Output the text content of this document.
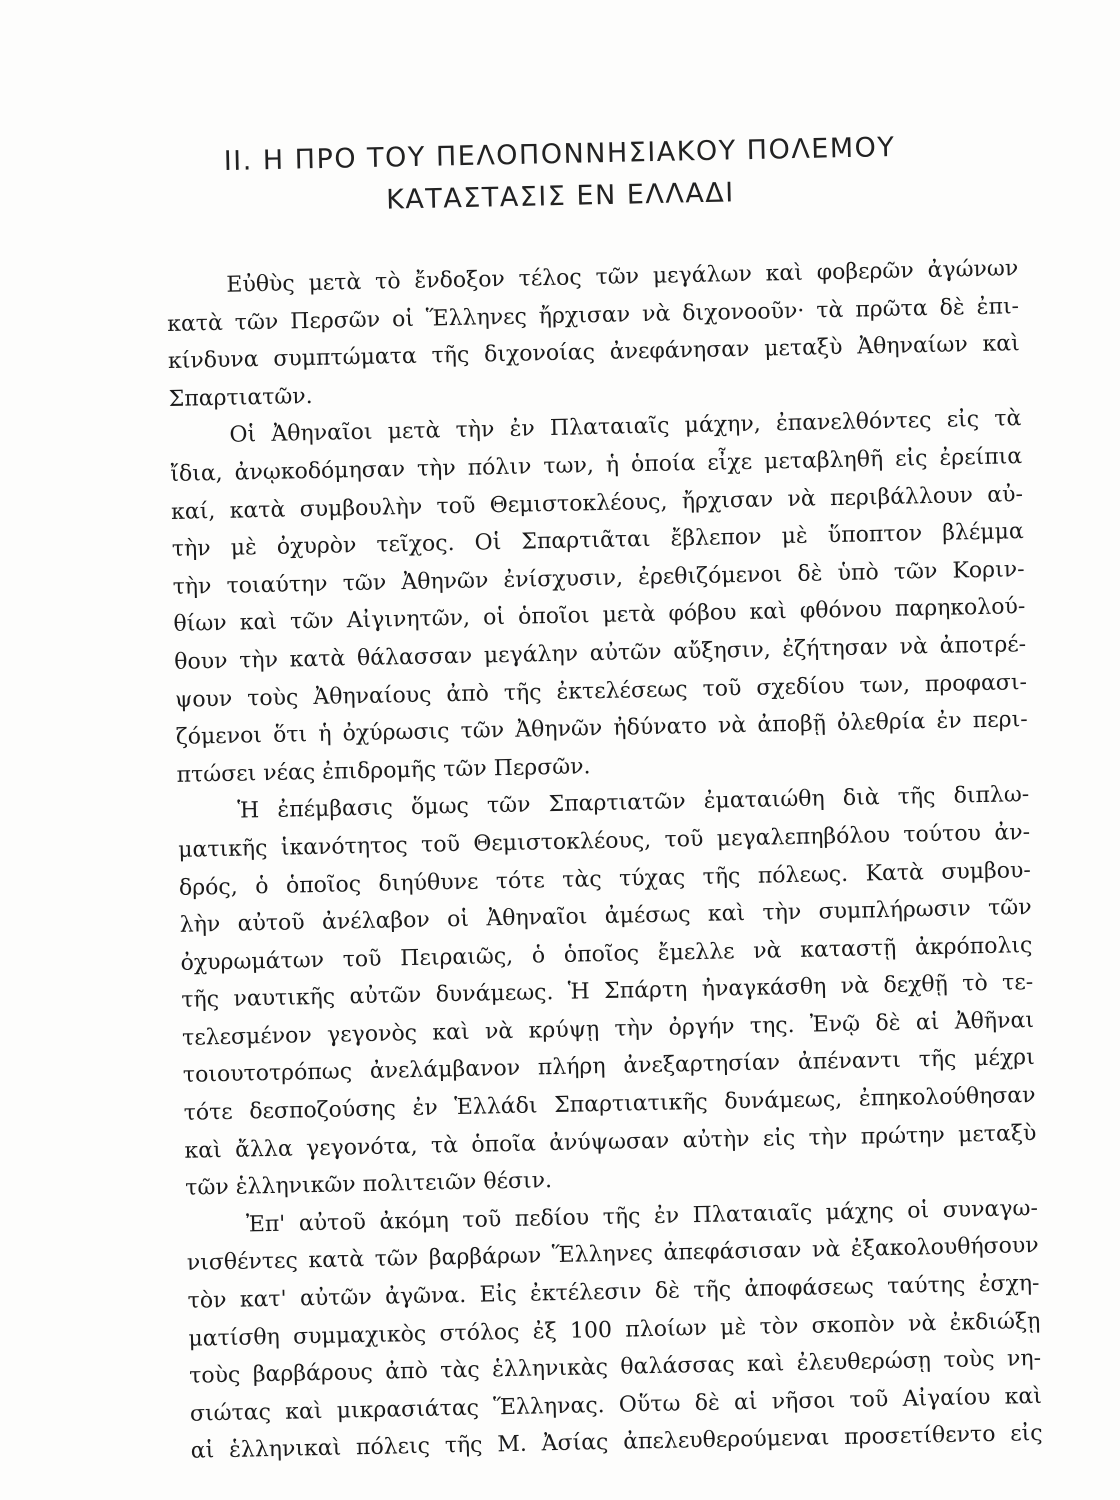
II. Η ΠΡΟ ΤΟΥ ΠΕΛΟΠΟΝΝΗΣΙΑΚΟΥ ΠΟΛΕΜΟΥ
ΚΑΤΑΣΤΑΣΙΣ ΕΝ ΕΛΛΑΔΙ
Εὐθὺς μετὰ τὸ ἔνδοξον τέλος τῶν μεγάλων καὶ φοβερῶν ἀγώνων
κατὰ τῶν Περσῶν οἱ Ἕλληνες ἤρχισαν νὰ διχονοοῦν· τὰ πρῶτα δὲ ἐπι-
κίνδυνα συμπτώματα τῆς διχονοίας ἀνεφάνησαν μεταξὺ Ἀθηναίων καὶ
Σπαρτιατῶν.
Οἱ Ἀθηναῖοι μετὰ τὴν ἐν Πλαταιαῖς μάχην, ἐπανελθόντες εἰς τὰ
ἴδια, ἀνῳκοδόμησαν τὴν πόλιν των, ἡ ὁποία εἶχε μεταβληθῆ εἰς ἐρείπια
καί, κατὰ συμβουλὴν τοῦ Θεμιστοκλέους, ἤρχισαν νὰ περιβάλλουν αὐ-
τὴν μὲ ὀχυρὸν τεῖχος. Οἱ Σπαρτιᾶται ἔβλεπον μὲ ὕποπτον βλέμμα
τὴν τοιαύτην τῶν Ἀθηνῶν ἐνίσχυσιν, ἐρεθιζόμενοι δὲ ὑπὸ τῶν Κοριν-
θίων καὶ τῶν Αἰγινητῶν, οἱ ὁποῖοι μετὰ φόβου καὶ φθόνου παρηκολού-
θουν τὴν κατὰ θάλασσαν μεγάλην αὐτῶν αὔξησιν, ἐζήτησαν νὰ ἀποτρέ-
ψουν τοὺς Ἀθηναίους ἀπὸ τῆς ἐκτελέσεως τοῦ σχεδίου των, προφασι-
ζόμενοι ὅτι ἡ ὀχύρωσις τῶν Ἀθηνῶν ἠδύνατο νὰ ἀποβῇ ὀλεθρία ἐν περι-
πτώσει νέας ἐπιδρομῆς τῶν Περσῶν.
Ἡ ἐπέμβασις ὅμως τῶν Σπαρτιατῶν ἐματαιώθη διὰ τῆς διπλω-
ματικῆς ἱκανότητος τοῦ Θεμιστοκλέους, τοῦ μεγαλεπηβόλου τούτου ἀν-
δρός, ὁ ὁποῖος διηύθυνε τότε τὰς τύχας τῆς πόλεως. Κατὰ συμβου-
λὴν αὐτοῦ ἀνέλαβον οἱ Ἀθηναῖοι ἀμέσως καὶ τὴν συμπλήρωσιν τῶν
ὀχυρωμάτων τοῦ Πειραιῶς, ὁ ὁποῖος ἔμελλε νὰ καταστῇ ἀκρόπολις
τῆς ναυτικῆς αὐτῶν δυνάμεως. Ἡ Σπάρτη ἠναγκάσθη νὰ δεχθῇ τὸ τε-
τελεσμένον γεγονὸς καὶ νὰ κρύψῃ τὴν ὀργήν της. Ἐνῷ δὲ αἱ Ἀθῆναι
τοιουτοτρόπως ἀνελάμβανον πλήρη ἀνεξαρτησίαν ἀπέναντι τῆς μέχρι
τότε δεσποζούσης ἐν Ἑλλάδι Σπαρτιατικῆς δυνάμεως, ἐπηκολούθησαν
καὶ ἄλλα γεγονότα, τὰ ὁποῖα ἀνύψωσαν αὐτὴν εἰς τὴν πρώτην μεταξὺ
τῶν ἑλληνικῶν πολιτειῶν θέσιν.
Ἐπ' αὐτοῦ ἀκόμη τοῦ πεδίου τῆς ἐν Πλαταιαῖς μάχης οἱ συναγω-
νισθέντες κατὰ τῶν βαρβάρων Ἕλληνες ἀπεφάσισαν νὰ ἐξακολουθήσουν
τὸν κατ' αὐτῶν ἀγῶνα. Εἰς ἐκτέλεσιν δὲ τῆς ἀποφάσεως ταύτης ἐσχη-
ματίσθη συμμαχικὸς στόλος ἐξ 100 πλοίων μὲ τὸν σκοπὸν νὰ ἐκδιώξῃ
τοὺς βαρβάρους ἀπὸ τὰς ἑλληνικὰς θαλάσσας καὶ ἐλευθερώσῃ τοὺς νη-
σιώτας καὶ μικρασιάτας Ἕλληνας. Οὕτω δὲ αἱ νῆσοι τοῦ Αἰγαίου καὶ
αἱ ἑλληνικαὶ πόλεις τῆς Μ. Ἀσίας ἀπελευθερούμεναι προσετίθεντο εἰς
